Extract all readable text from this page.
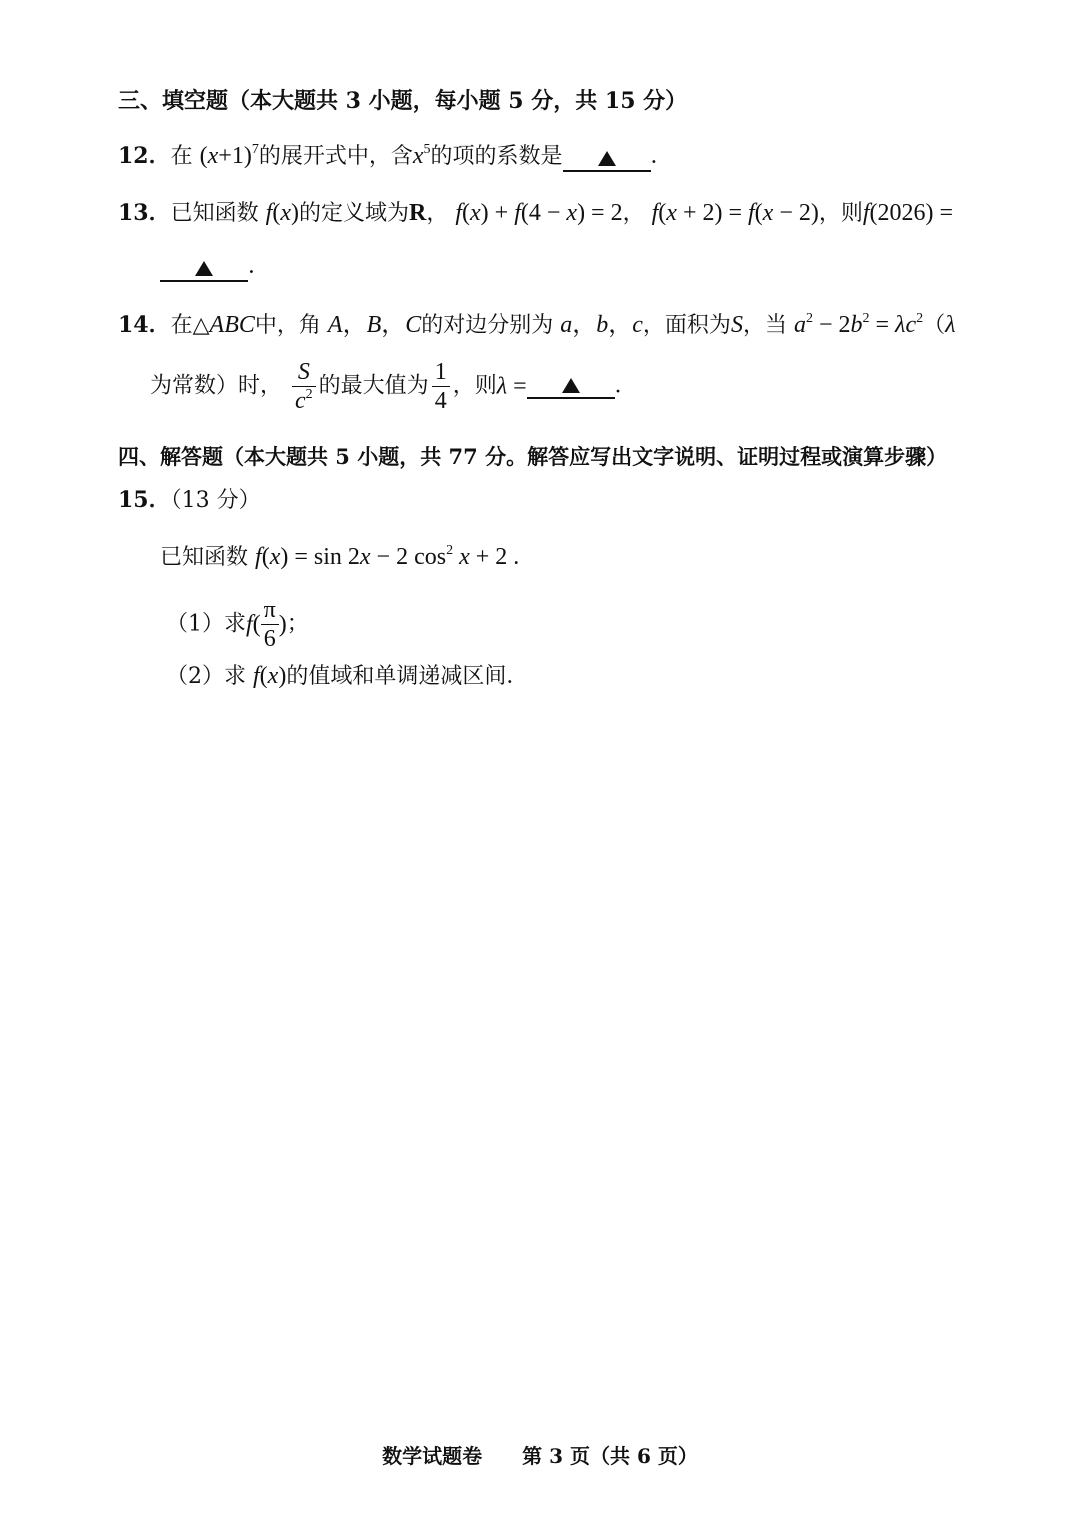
三、填空题（本大题共 3 小题，每小题 5 分，共 15 分）
12．在 $(x+1)^7$的展开式中，含$x^5$的项的系数是	．
13．已知函数 f(x)的定义域为R， f(x) + f(4 − x) = 2， f(x + 2) = f(x − 2)，则f(2026) =
．
14．在△ABC中，角 A，B，C的对边分别为 a，b，c，面积为S，当 $a^2 - 2b^2 = \lambda c^2(\lambda$
为常数）时， $\frac{S}{c^2}$ 的最大值为 $\frac{1}{4}$ ，则λ =	．
四、解答题（本大题共 5 小题，共 77 分。解答应写出文字说明、证明过程或演算步骤）
15．（13 分）
已知函数 f(x) = sin 2x − 2 $\cos^2 x + 2$ .
（1）求$f( \frac{\pi}{6}$ )；
（2）求 f(x)的值域和单调递减区间．
数学试题卷　　第 3 页（共 6 页）
